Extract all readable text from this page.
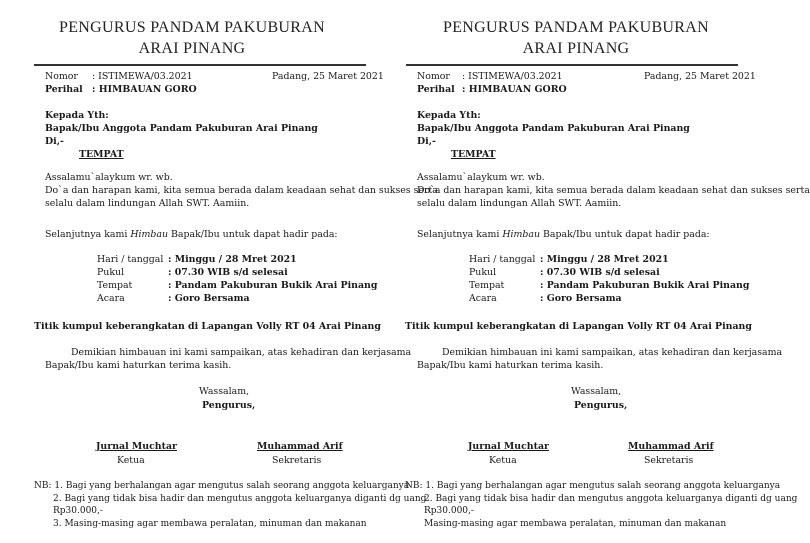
PENGURUS PANDAM PAKUBURAN
ARAI PINANG
Nomor : ISTIMEWA/03.2021	Padang, 25 Maret 2021
Perihal : HIMBAUAN GORO
Kepada Yth:
Bapak/Ibu Anggota Pandam Pakuburan Arai Pinang
Di,-
TEMPAT
Assalamu`alaykum wr. wb.
Do`a dan harapan kami, kita semua berada dalam keadaan sehat dan sukses serta
selalu dalam lindungan Allah SWT. Aamiin.
Selanjutnya kami Himbau Bapak/Ibu untuk dapat hadir pada:
Hari / tanggal : Minggu / 28 Mret 2021
Pukul	: 07.30 WIB s/d selesai
Tempat	: Pandam Pakuburan Bukik Arai Pinang
Acara	: Goro Bersama
Titik kumpul keberangkatan di Lapangan Volly RT 04 Arai Pinang
Demikian himbauan ini kami sampaikan, atas kehadiran dan kerjasama
Bapak/Ibu kami haturkan terima kasih.
Wassalam,
Pengurus,
Jurnal Muchtar
Ketua
Muhammad Arif
Sekretaris
NB: 1. Bagi yang berhalangan agar mengutus salah seorang anggota keluarganya
2. Bagi yang tidak bisa hadir dan mengutus anggota keluarganya diganti dg uang
Rp30.000,-
3. Masing-masing agar membawa peralatan, minuman dan makanan
PENGURUS PANDAM PAKUBURAN
ARAI PINANG
Nomor : ISTIMEWA/03.2021	Padang, 25 Maret 2021
Perihal : HIMBAUAN GORO
Kepada Yth:
Bapak/Ibu Anggota Pandam Pakuburan Arai Pinang
Di,-
TEMPAT
Assalamu`alaykum wr. wb.
Do`a dan harapan kami, kita semua berada dalam keadaan sehat dan sukses serta
selalu dalam lindungan Allah SWT. Aamiin.
Selanjutnya kami Himbau Bapak/Ibu untuk dapat hadir pada:
Hari / tanggal : Minggu / 28 Mret 2021
Pukul	: 07.30 WIB s/d selesai
Tempat	: Pandam Pakuburan Bukik Arai Pinang
Acara	: Goro Bersama
Titik kumpul keberangkatan di Lapangan Volly RT 04 Arai Pinang
Demikian himbauan ini kami sampaikan, atas kehadiran dan kerjasama
Bapak/Ibu kami haturkan terima kasih.
Wassalam,
Pengurus,
Jurnal Muchtar
Ketua
Muhammad Arif
Sekretaris
NB: 1. Bagi yang berhalangan agar mengutus salah seorang anggota keluarganya
2. Bagi yang tidak bisa hadir dan mengutus anggota keluarganya diganti dg uang
Rp30.000,-
Masing-masing agar membawa peralatan, minuman dan makanan
